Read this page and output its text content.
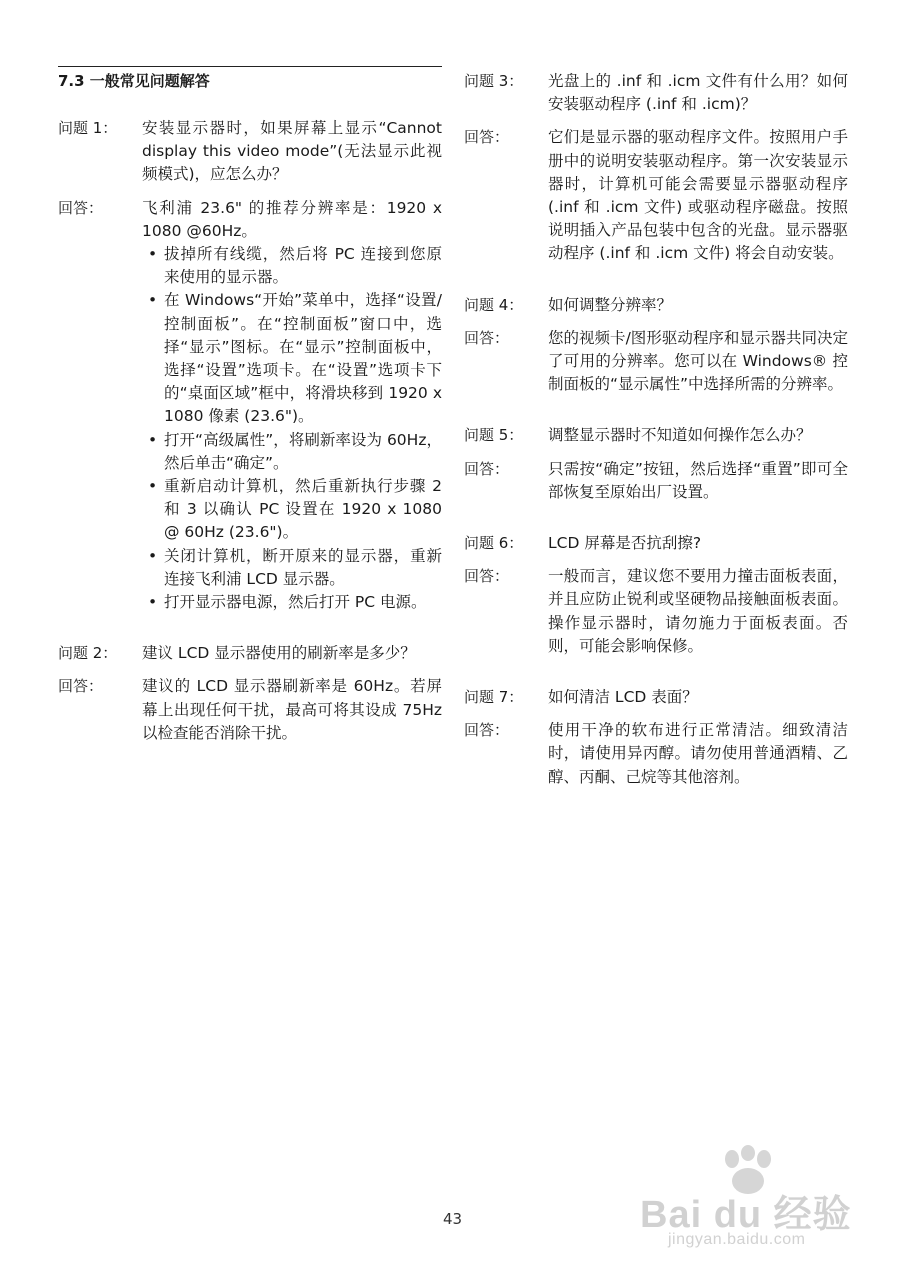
7.3 一般常见问题解答
问题 1：	安装显示器时，如果屏幕上显示“Cannot display this video mode”(无法显示此视频模式)，应怎么办？
回答：	飞利浦 23.6" 的推荐分辨率是：1920 x 1080 @60Hz。
• 拔掉所有线缆，然后将 PC 连接到您原来使用的显示器。
• 在 Windows“开始”菜单中，选择“设置/控制面板”。在“控制面板”窗口中，选择“显示”图标。在“显示”控制面板中，选择“设置”选项卡。在“设置”选项卡下的“桌面区域”框中，将滑块移到 1920 x 1080 像素 (23.6")。
• 打开“高级属性”，将刷新率设为 60Hz，然后单击“确定”。
• 重新启动计算机，然后重新执行步骤 2 和 3 以确认 PC 设置在 1920 x 1080 @ 60Hz (23.6")。
• 关闭计算机，断开原来的显示器，重新连接飞利浦 LCD 显示器。
• 打开显示器电源，然后打开 PC 电源。
问题 2：	建议 LCD 显示器使用的刷新率是多少？
回答：	建议的 LCD 显示器刷新率是 60Hz。若屏幕上出现任何干扰，最高可将其设成 75Hz 以检查能否消除干扰。
问题 3：	光盘上的 .inf 和 .icm 文件有什么用？如何安装驱动程序 (.inf 和 .icm)？
回答：	它们是显示器的驱动程序文件。按照用户手册中的说明安装驱动程序。第一次安装显示器时，计算机可能会需要显示器驱动程序 (.inf 和 .icm 文件) 或驱动程序磁盘。按照说明插入产品包装中包含的光盘。显示器驱动程序 (.inf 和 .icm 文件) 将会自动安装。
问题 4：	如何调整分辨率？
回答：	您的视频卡/图形驱动程序和显示器共同决定了可用的分辨率。您可以在 Windows® 控制面板的“显示属性”中选择所需的分辨率。
问题 5：	调整显示器时不知道如何操作怎么办？
回答：	只需按“确定”按钮，然后选择“重置”即可全部恢复至原始出厂设置。
问题 6：	LCD 屏幕是否抗刮擦?
回答：	一般而言，建议您不要用力撞击面板表面，并且应防止锐利或坚硬物品接触面板表面。操作显示器时，请勿施力于面板表面。否则，可能会影响保修。
问题 7：	如何清洁 LCD 表面？
回答：	使用干净的软布进行正常清洁。细致清洁时，请使用异丙醇。请勿使用普通酒精、乙醇、丙酮、己烷等其他溶剂。
Bai du 经验
jingyan.baidu.com
43
